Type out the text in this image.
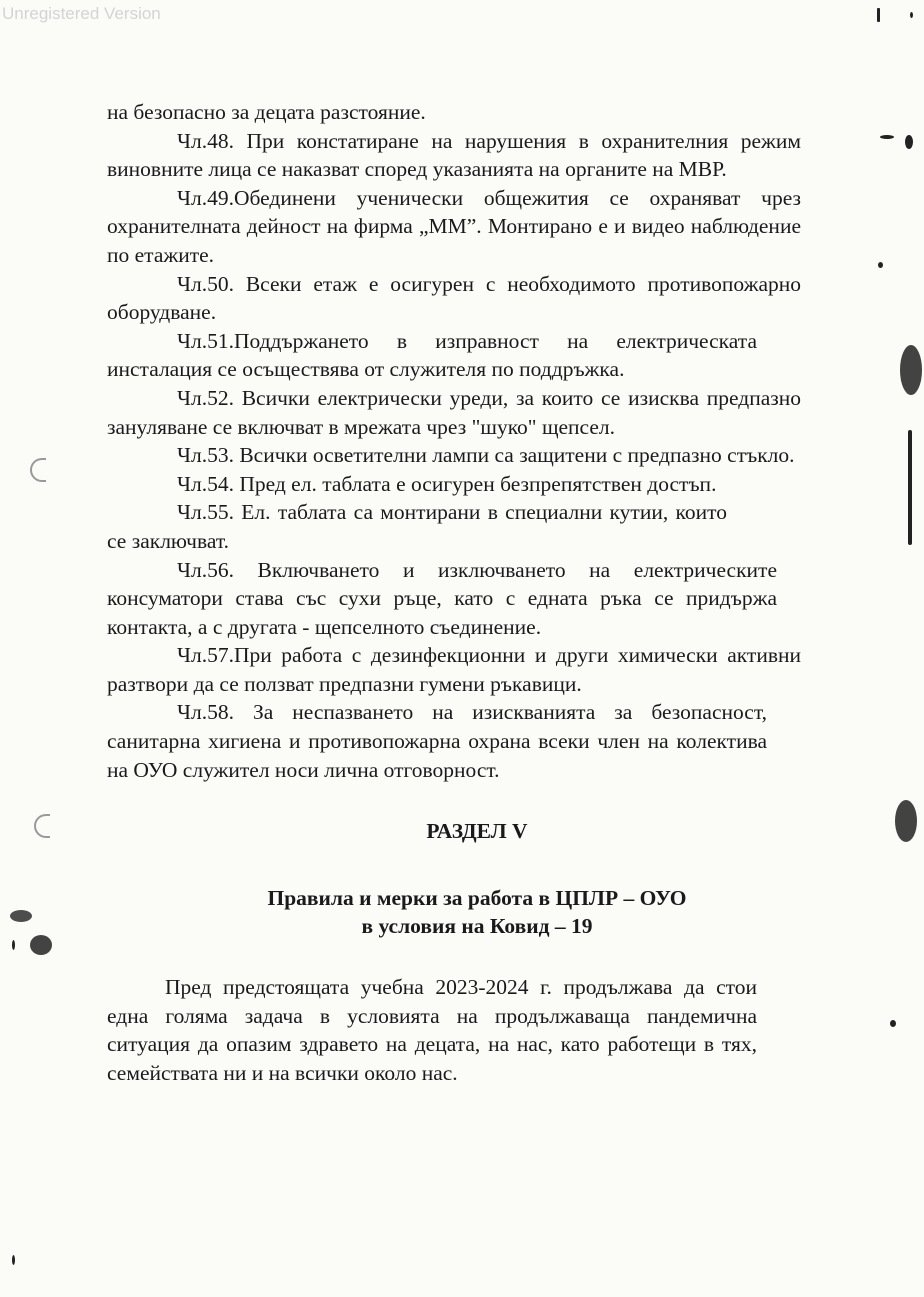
Unregistered Version

на безопасно за децата разстояние.

Чл.48. При констатиране на нарушения в охранителния режим виновните лица се наказват според указанията на органите на МВР.

Чл.49.Обединени ученически общежития се охраняват чрез охранителната дейност на фирма „ММ”. Монтирано е и видео наблюдение по етажите.

Чл.50. Всеки етаж е осигурен с необходимото противопожарно оборудване.

Чл.51.Поддържането в изправност на електрическата инсталация се осъществява от служителя по поддръжка.

Чл.52. Всички електрически уреди, за които се изисква предпазно зануляване се включват в мрежата чрез "шуко" щепсел.

Чл.53. Всички осветителни лампи са защитени с предпазно стъкло.

Чл.54. Пред ел. таблата е осигурен безпрепятствен достъп.

Чл.55. Ел. таблата са монтирани в специални кутии, които се заключват.

Чл.56. Включването и изключването на електрическите консуматори става със сухи ръце, като с едната ръка се придържа контакта, а с другата - щепселното съединение.

Чл.57.При работа с дезинфекционни и други химически активни разтвори да се ползват предпазни гумени ръкавици.

Чл.58. За неспазването на изискванията за безопасност, санитарна хигиена и противопожарна охрана всеки член на колектива на ОУО служител носи лична отговорност.

РАЗДЕЛ V

Правила и мерки за работа в ЦПЛР – ОУО

в условия на Ковид – 19

Пред предстоящата учебна 2023-2024 г. продължава да стои една голяма задача в условията на продължаваща пандемична ситуация да опазим здравето на децата, на нас, като работещи в тях, семействата ни и на всички около нас.
